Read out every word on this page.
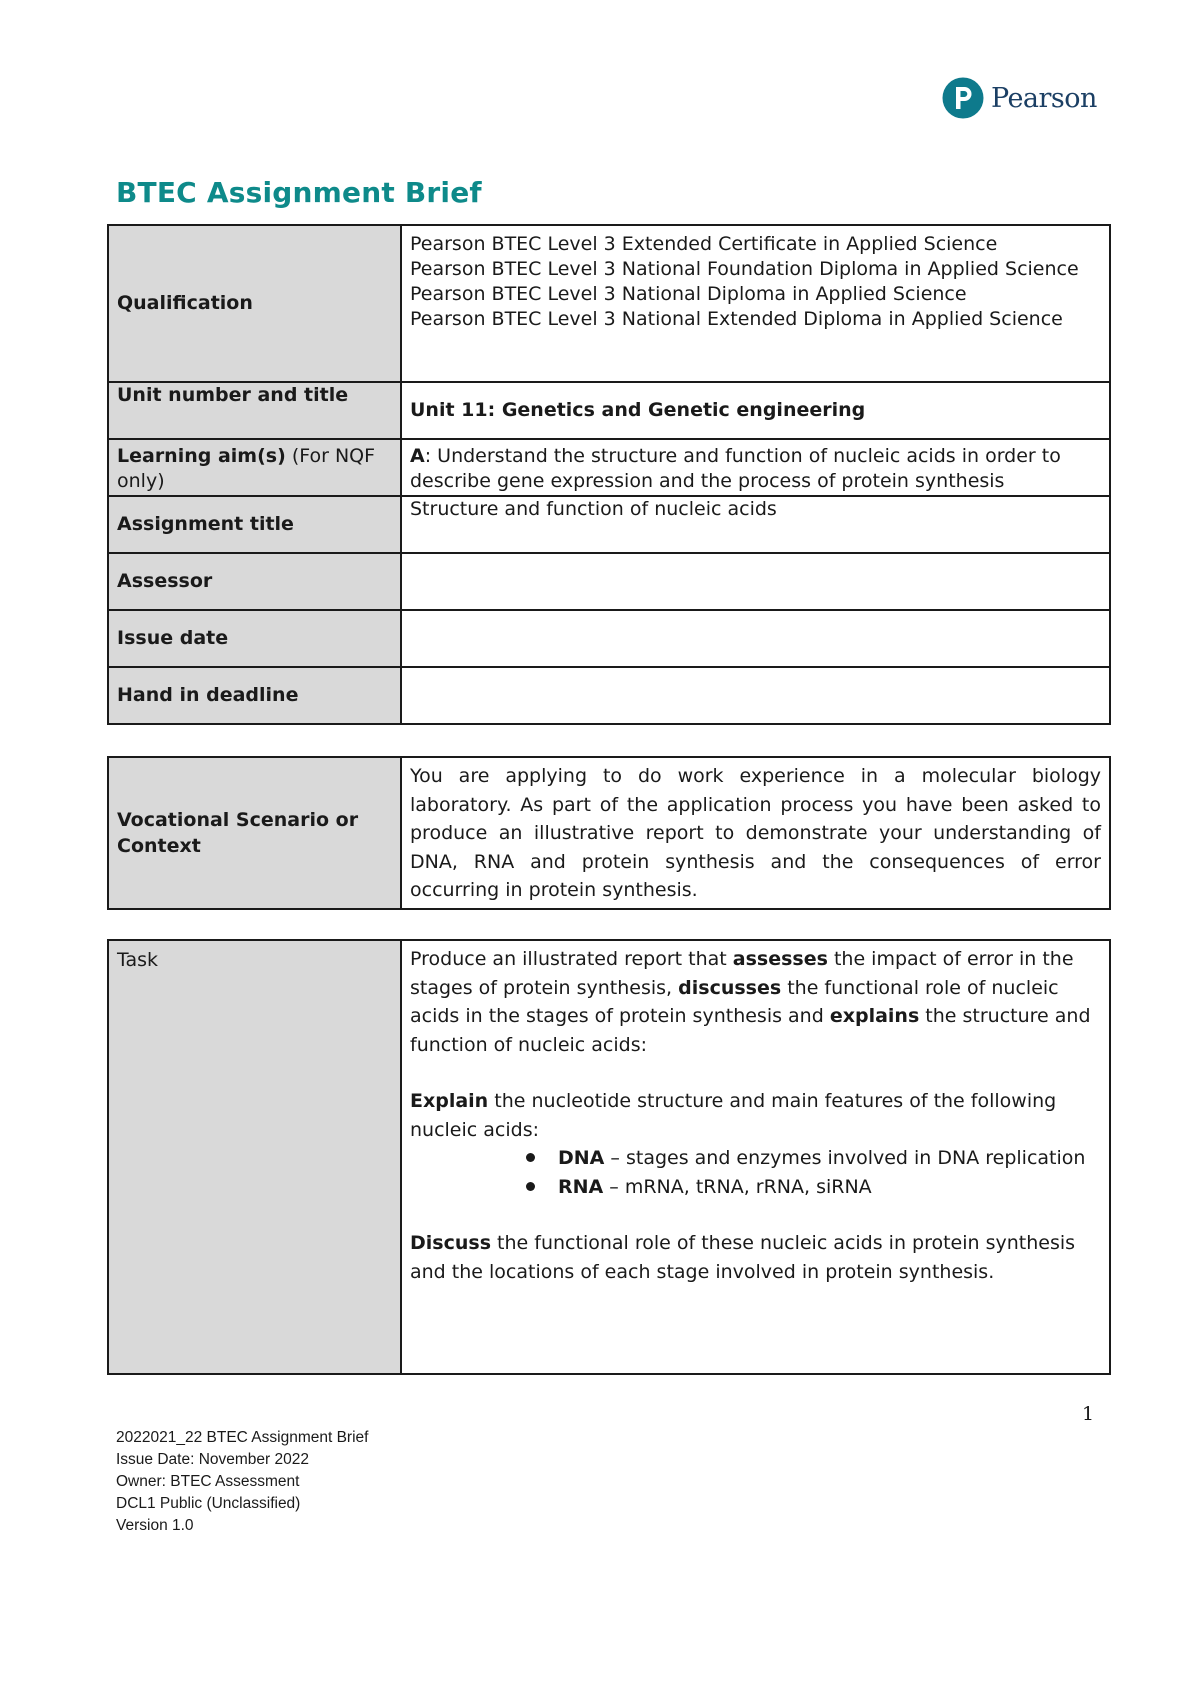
Pearson
BTEC Assignment Brief
Qualification	Pearson BTEC Level 3 Extended Certificate in Applied Science
Pearson BTEC Level 3 National Foundation Diploma in Applied Science
Pearson BTEC Level 3 National Diploma in Applied Science
Pearson BTEC Level 3 National Extended Diploma in Applied Science

Unit number and title	Unit 11: Genetics and Genetic engineering
Learning aim(s) (For NQF only)	A: Understand the structure and function of nucleic acids in order to describe gene expression and the process of protein synthesis
Assignment title	Structure and function of nucleic acids
Assessor	
Issue date	
Hand in deadline	
Vocational Scenario or Context	You are applying to do work experience in a molecular biology laboratory. As part of the application process you have been asked to produce an illustrative report to demonstrate your understanding of DNA, RNA and protein synthesis and the consequences of error occurring in protein synthesis.
Task	Produce an illustrated report that assesses the impact of error in the stages of protein synthesis, discusses the functional role of nucleic acids in the stages of protein synthesis and explains the structure and function of nucleic acids:
Explain the nucleotide structure and main features of the following nucleic acids:
DNA – stages and enzymes involved in DNA replication
RNA – mRNA, tRNA, rRNA, siRNA
Discuss the functional role of these nucleic acids in protein synthesis and the locations of each stage involved in protein synthesis.
1
2022021_22 BTEC Assignment Brief
Issue Date: November 2022
Owner: BTEC Assessment
DCL1 Public (Unclassified)
Version 1.0
